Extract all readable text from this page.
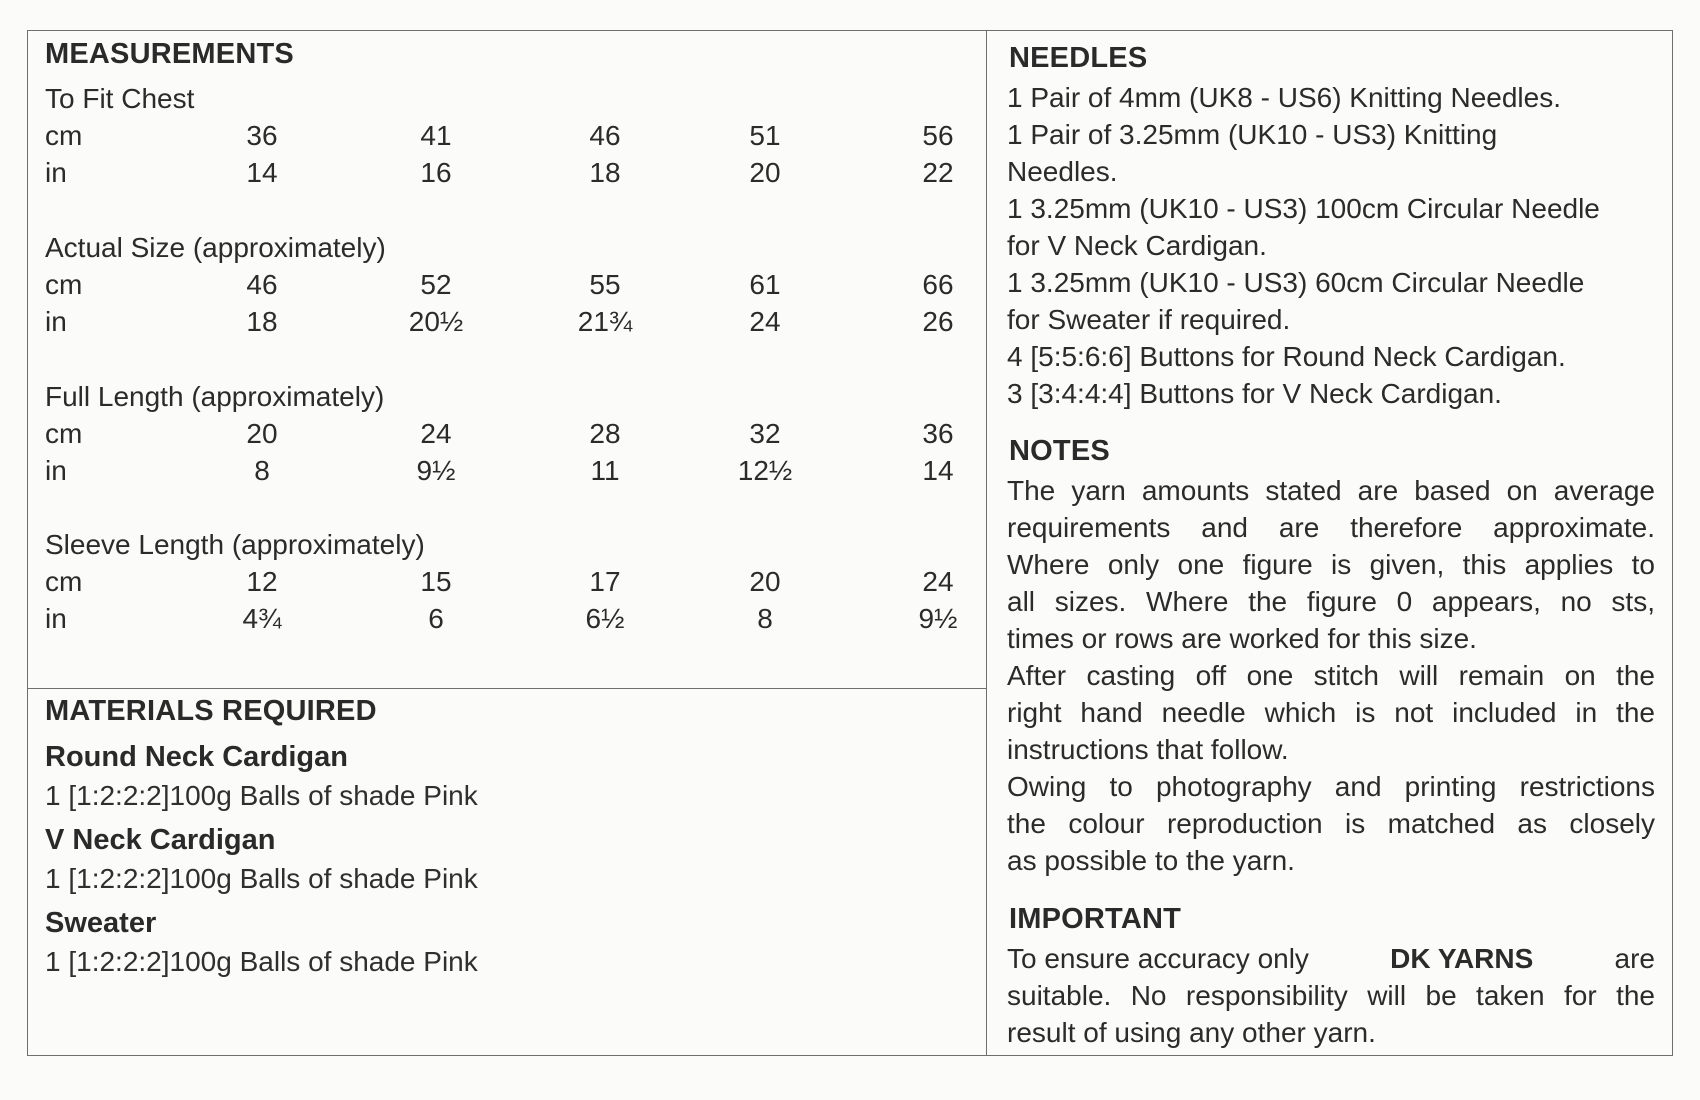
MEASUREMENTS
To Fit Chest
cm	36	41	46	51	56
in	14	16	18	20	22
Actual Size (approximately)
cm	46	52	55	61	66
in	18	20½	21¾	24	26
Full Length (approximately)
cm	20	24	28	32	36
in	8	9½	11	12½	14
Sleeve Length (approximately)
cm	12	15	17	20	24
in	4¾	6	6½	8	9½
MATERIALS REQUIRED
Round Neck Cardigan
1 [1:2:2:2]100g Balls of shade Pink
V Neck Cardigan
1 [1:2:2:2]100g Balls of shade Pink
Sweater
1 [1:2:2:2]100g Balls of shade Pink
NEEDLES
1 Pair of 4mm (UK8 - US6) Knitting Needles.
1 Pair of 3.25mm (UK10 - US3) Knitting
Needles.
1 3.25mm (UK10 - US3) 100cm Circular Needle
for V Neck Cardigan.
1 3.25mm (UK10 - US3) 60cm Circular Needle
for Sweater if required.
4 [5:5:6:6] Buttons for Round Neck Cardigan.
3 [3:4:4:4] Buttons for V Neck Cardigan.
NOTES
The yarn amounts stated are based on average
requirements and are therefore approximate.
Where only one figure is given, this applies to
all sizes. Where the figure 0 appears, no sts,
times or rows are worked for this size.
After casting off one stitch will remain on the
right hand needle which is not included in the
instructions that follow.
Owing to photography and printing restrictions
the colour reproduction is matched as closely
as possible to the yarn.
IMPORTANT
To ensure accuracy only	DK YARNS	are
suitable. No responsibility will be taken for the
result of using any other yarn.
